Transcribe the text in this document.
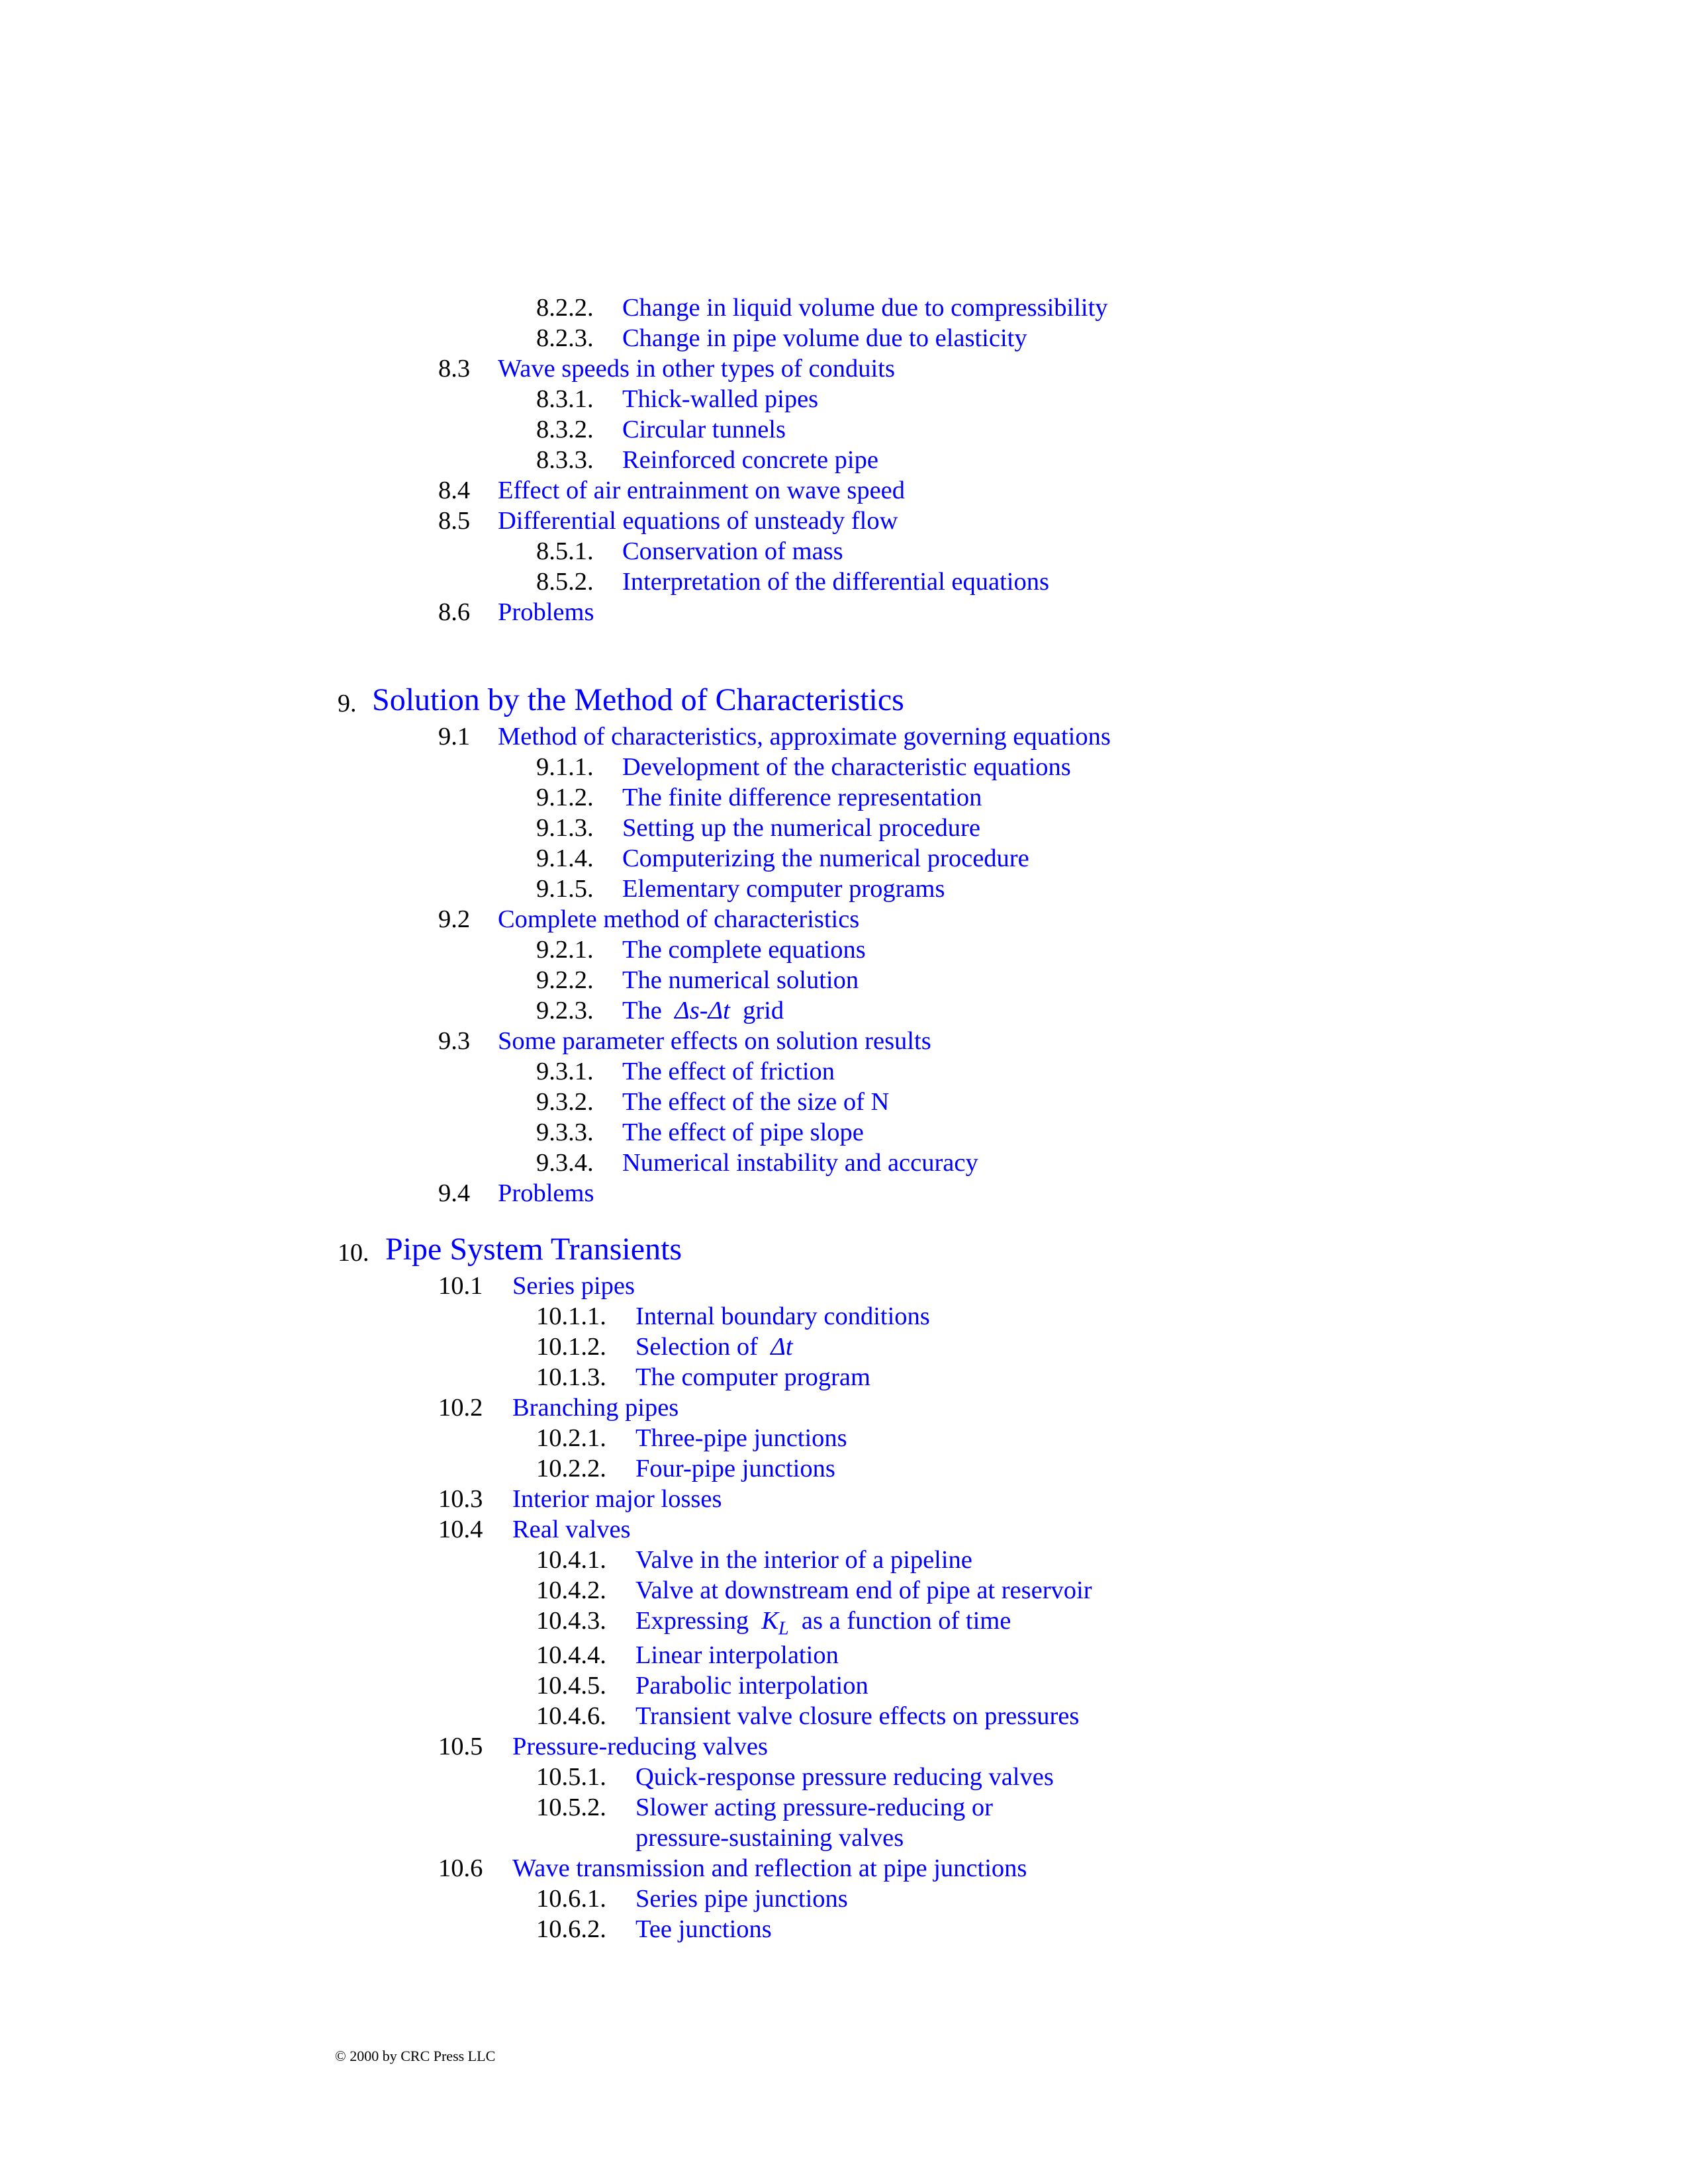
8.2.2. Change in liquid volume due to compressibility
8.2.3. Change in pipe volume due to elasticity
8.3 Wave speeds in other types of conduits
8.3.1. Thick-walled pipes
8.3.2. Circular tunnels
8.3.3. Reinforced concrete pipe
8.4 Effect of air entrainment on wave speed
8.5 Differential equations of unsteady flow
8.5.1. Conservation of mass
8.5.2. Interpretation of the differential equations
8.6 Problems
9. Solution by the Method of Characteristics
9.1 Method of characteristics, approximate governing equations
9.1.1. Development of the characteristic equations
9.1.2. The finite difference representation
9.1.3. Setting up the numerical procedure
9.1.4. Computerizing the numerical procedure
9.1.5. Elementary computer programs
9.2 Complete method of characteristics
9.2.1. The complete equations
9.2.2. The numerical solution
9.2.3. The Δs-Δt grid
9.3 Some parameter effects on solution results
9.3.1. The effect of friction
9.3.2. The effect of the size of N
9.3.3. The effect of pipe slope
9.3.4. Numerical instability and accuracy
9.4 Problems
10. Pipe System Transients
10.1 Series pipes
10.1.1. Internal boundary conditions
10.1.2. Selection of Δt
10.1.3. The computer program
10.2 Branching pipes
10.2.1. Three-pipe junctions
10.2.2. Four-pipe junctions
10.3 Interior major losses
10.4 Real valves
10.4.1. Valve in the interior of a pipeline
10.4.2. Valve at downstream end of pipe at reservoir
10.4.3. Expressing $K_L$ as a function of time
10.4.4. Linear interpolation
10.4.5. Parabolic interpolation
10.4.6. Transient valve closure effects on pressures
10.5 Pressure-reducing valves
10.5.1. Quick-response pressure reducing valves
10.5.2. Slower acting pressure-reducing or
pressure-sustaining valves
10.6 Wave transmission and reflection at pipe junctions
10.6.1. Series pipe junctions
10.6.2. Tee junctions
© 2000 by CRC Press LLC
